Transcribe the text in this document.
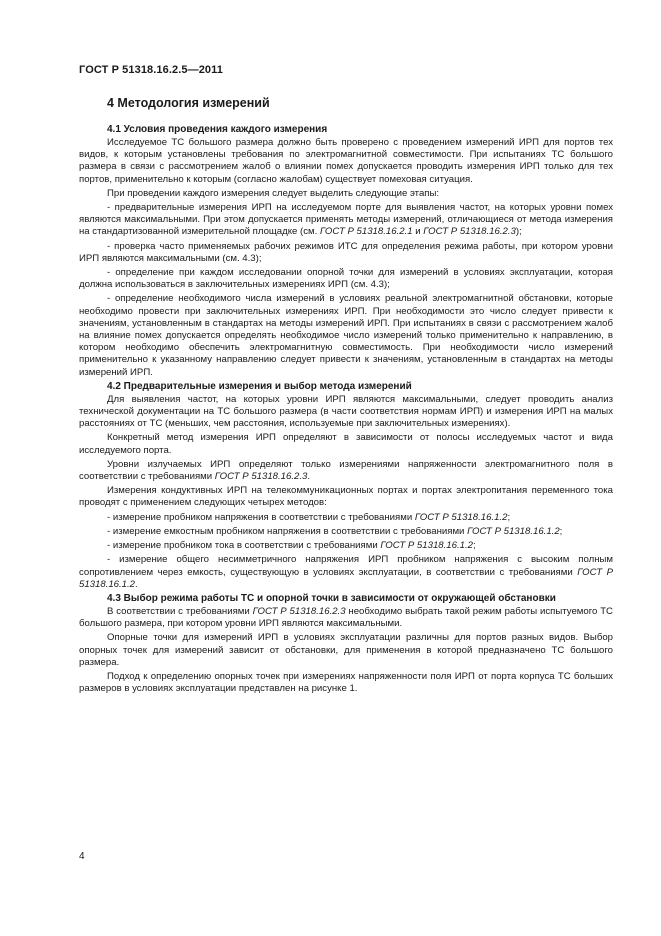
ГОСТ Р 51318.16.2.5—2011
4 Методология измерений
4.1 Условия проведения каждого измерения

Исследуемое ТС большого размера должно быть проверено с проведением измерений ИРП для портов тех видов, к которым установлены требования по электромагнитной совместимости. При испытаниях ТС большого размера в связи с рассмотрением жалоб о влиянии помех допускается проводить измерения ИРП только для тех портов, применительно к которым (согласно жалобам) существует помеховая ситуация.

При проведении каждого измерения следует выделить следующие этапы:

- предварительные измерения ИРП на исследуемом порте для выявления частот, на которых уровни помех являются максимальными. При этом допускается применять методы измерений, отличающиеся от метода измерения на стандартизованной измерительной площадке (см. ГОСТ Р 51318.16.2.1 и ГОСТ Р 51318.16.2.3);

- проверка часто применяемых рабочих режимов ИТС для определения режима работы, при котором уровни ИРП являются максимальными (см. 4.3);

- определение при каждом исследовании опорной точки для измерений в условиях эксплуатации, которая должна использоваться в заключительных измерениях ИРП (см. 4.3);

- определение необходимого числа измерений в условиях реальной электромагнитной обстановки, которые необходимо провести при заключительных измерениях ИРП. При необходимости это число следует привести к значениям, установленным в стандартах на методы измерений ИРП. При испытаниях в связи с рассмотрением жалоб на влияние помех допускается определять необходимое число измерений только применительно к направлению, в котором необходимо обеспечить электромагнитную совместимость. При необходимости число измерений применительно к указанному направлению следует привести к значениям, установленным в стандартах на методы измерений ИРП.

4.2 Предварительные измерения и выбор метода измерений

Для выявления частот, на которых уровни ИРП являются максимальными, следует проводить анализ технической документации на ТС большого размера (в части соответствия нормам ИРП) и измерения ИРП на малых расстояниях от ТС (меньших, чем расстояния, используемые при заключительных измерениях).

Конкретный метод измерения ИРП определяют в зависимости от полосы исследуемых частот и вида исследуемого порта.

Уровни излучаемых ИРП определяют только измерениями напряженности электромагнитного поля в соответствии с требованиями ГОСТ Р 51318.16.2.3.

Измерения кондуктивных ИРП на телекоммуникационных портах и портах электропитания переменного тока проводят с применением следующих четырех методов:

- измерение пробником напряжения в соответствии с требованиями ГОСТ Р 51318.16.1.2;

- измерение емкостным пробником напряжения в соответствии с требованиями ГОСТ Р 51318.16.1.2;

- измерение пробником тока в соответствии с требованиями ГОСТ Р 51318.16.1.2;

- измерение общего несимметричного напряжения ИРП пробником напряжения с высоким полным сопротивлением через емкость, существующую в условиях эксплуатации, в соответствии с требованиями ГОСТ Р 51318.16.1.2.

4.3 Выбор режима работы ТС и опорной точки в зависимости от окружающей обстановки

В соответствии с требованиями ГОСТ Р 51318.16.2.3 необходимо выбрать такой режим работы испытуемого ТС большого размера, при котором уровни ИРП являются максимальными.

Опорные точки для измерений ИРП в условиях эксплуатации различны для портов разных видов. Выбор опорных точек для измерений зависит от обстановки, для применения в которой предназначено ТС большого размера.

Подход к определению опорных точек при измерениях напряженности поля ИРП от порта корпуса ТС больших размеров в условиях эксплуатации представлен на рисунке 1.

4
